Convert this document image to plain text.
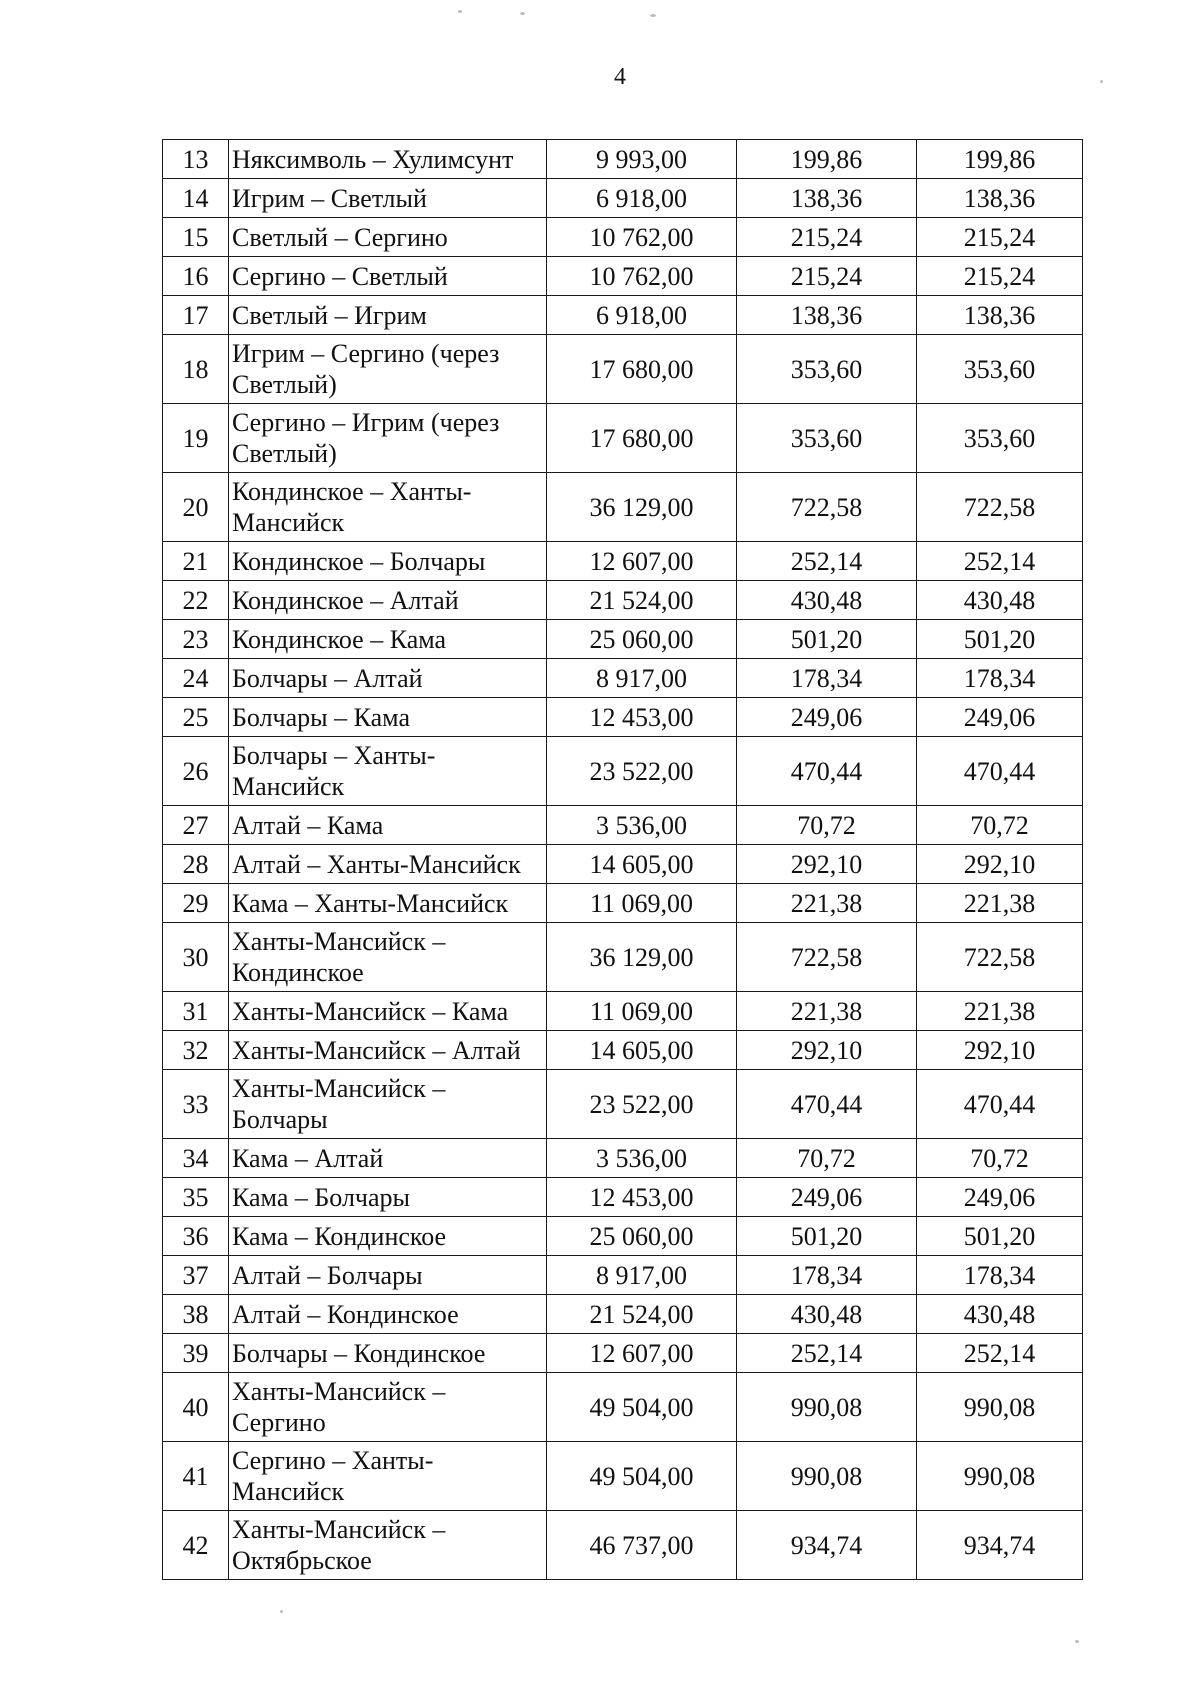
4
13	Няксимволь – Хулимсунт	9 993,00	199,86	199,86
14	Игрим – Светлый	6 918,00	138,36	138,36
15	Светлый – Сергино	10 762,00	215,24	215,24
16	Сергино – Светлый	10 762,00	215,24	215,24
17	Светлый – Игрим	6 918,00	138,36	138,36
18	Игрим – Сергино (через Светлый)	17 680,00	353,60	353,60
19	Сергино – Игрим (через Светлый)	17 680,00	353,60	353,60
20	Кондинское – Ханты-Мансийск	36 129,00	722,58	722,58
21	Кондинское – Болчары	12 607,00	252,14	252,14
22	Кондинское – Алтай	21 524,00	430,48	430,48
23	Кондинское – Кама	25 060,00	501,20	501,20
24	Болчары – Алтай	8 917,00	178,34	178,34
25	Болчары – Кама	12 453,00	249,06	249,06
26	Болчары – Ханты-Мансийск	23 522,00	470,44	470,44
27	Алтай – Кама	3 536,00	70,72	70,72
28	Алтай – Ханты-Мансийск	14 605,00	292,10	292,10
29	Кама – Ханты-Мансийск	11 069,00	221,38	221,38
30	Ханты-Мансийск – Кондинское	36 129,00	722,58	722,58
31	Ханты-Мансийск – Кама	11 069,00	221,38	221,38
32	Ханты-Мансийск – Алтай	14 605,00	292,10	292,10
33	Ханты-Мансийск – Болчары	23 522,00	470,44	470,44
34	Кама – Алтай	3 536,00	70,72	70,72
35	Кама – Болчары	12 453,00	249,06	249,06
36	Кама – Кондинское	25 060,00	501,20	501,20
37	Алтай – Болчары	8 917,00	178,34	178,34
38	Алтай – Кондинское	21 524,00	430,48	430,48
39	Болчары – Кондинское	12 607,00	252,14	252,14
40	Ханты-Мансийск – Сергино	49 504,00	990,08	990,08
41	Сергино – Ханты-Мансийск	49 504,00	990,08	990,08
42	Ханты-Мансийск – Октябрьское	46 737,00	934,74	934,74
